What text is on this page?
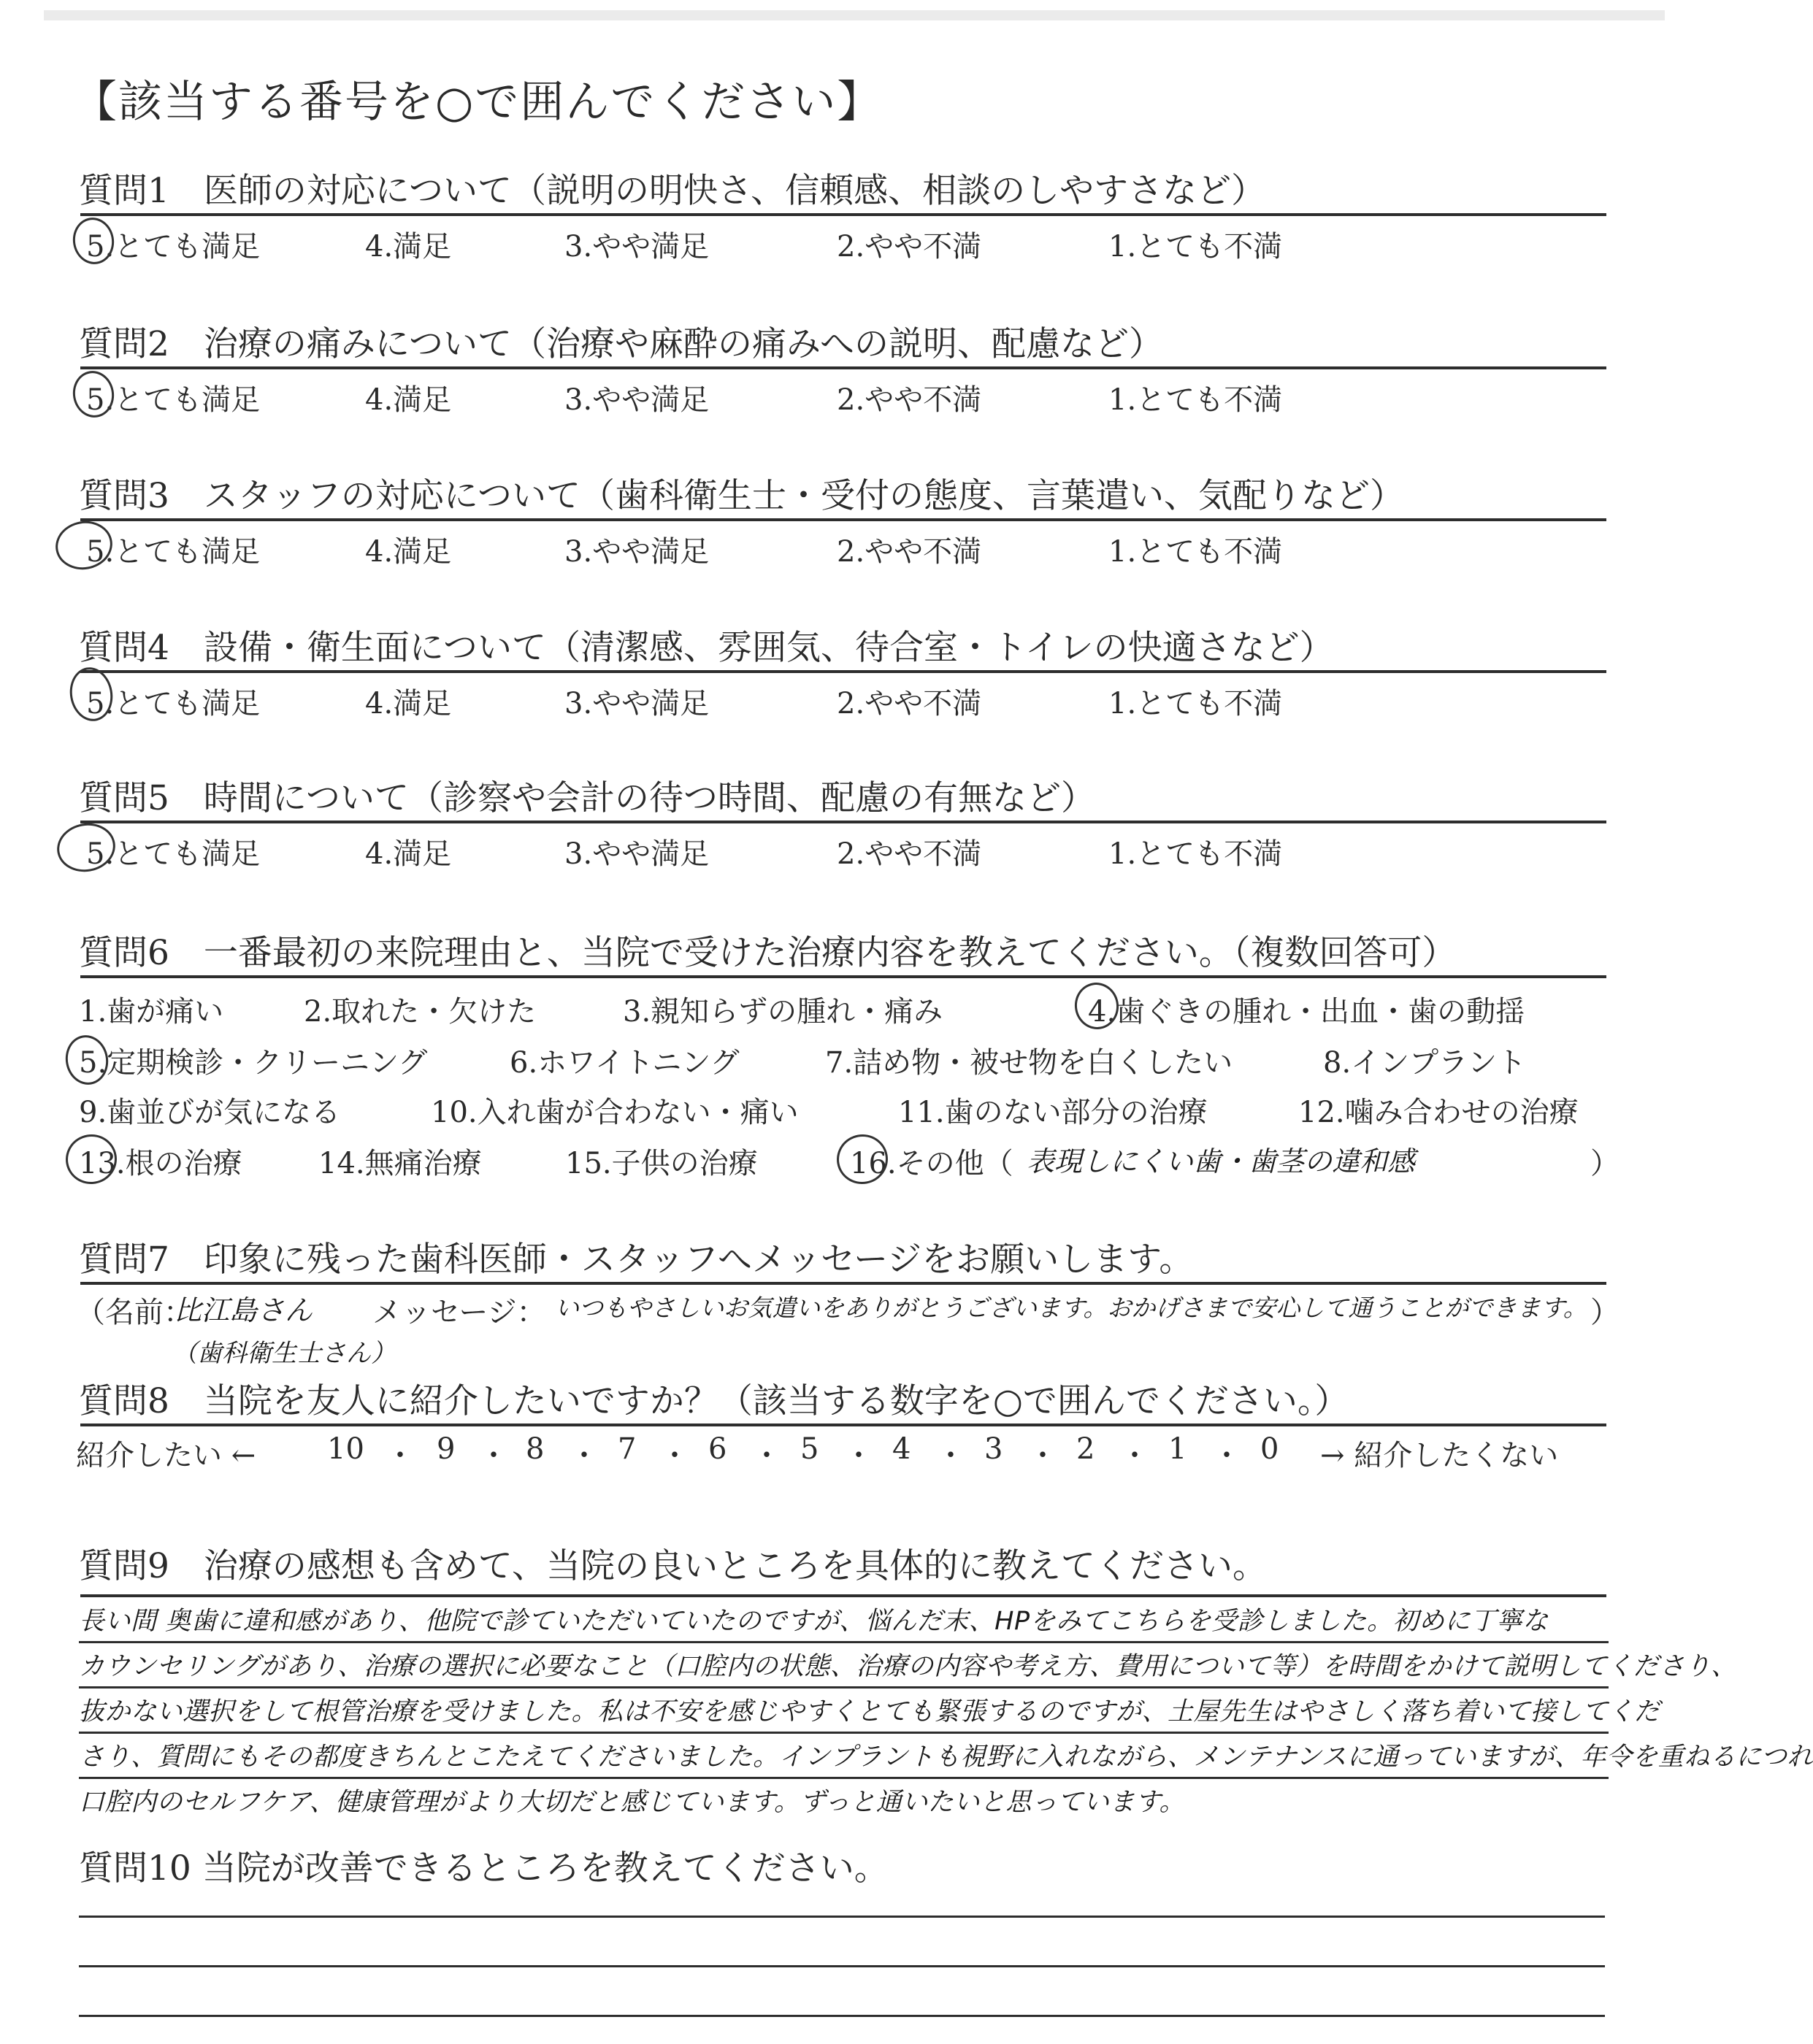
【該当する番号を○で囲んでください】
質問1　医師の対応について（説明の明快さ、信頼感、相談のしやすさなど）
5.とても満足	4.満足	3.やや満足	2.やや不満	1.とても不満
質問2　治療の痛みについて（治療や麻酔の痛みへの説明、配慮など）
5.とても満足	4.満足	3.やや満足	2.やや不満	1.とても不満
質問3　スタッフの対応について（歯科衛生士・受付の態度、言葉遣い、気配りなど）
5.とても満足	4.満足	3.やや満足	2.やや不満	1.とても不満
質問4　設備・衛生面について（清潔感、雰囲気、待合室・トイレの快適さなど）
5.とても満足	4.満足	3.やや満足	2.やや不満	1.とても不満
質問5　時間について（診察や会計の待つ時間、配慮の有無など）
5.とても満足	4.満足	3.やや満足	2.やや不満	1.とても不満
質問6　一番最初の来院理由と、当院で受けた治療内容を教えてください。（複数回答可）
1.歯が痛い	2.取れた・欠けた	3.親知らずの腫れ・痛み	4.歯ぐきの腫れ・出血・歯の動揺
5.定期検診・クリーニング	6.ホワイトニング	7.詰め物・被せ物を白くしたい	8.インプラント
9.歯並びが気になる	10.入れ歯が合わない・痛い	11.歯のない部分の治療	12.噛み合わせの治療
13.根の治療	14.無痛治療	15.子供の治療	16.その他（ 表現しにくい歯・歯茎の違和感	）
質問7　印象に残った歯科医師・スタッフへメッセージをお願いします。
（名前：
比江島さん
（歯科衛生士さん）
メッセージ： いつもやさしいお気遣いをありがとうございます。おかげさまで安心して通うことができます。 ）
質問8　当院を友人に紹介したいですか？（該当する数字を○で囲んでください。）
紹介したい ← 10 ・ 9 ・ 8 ・ 7 ・ 6 ・ 5 ・ 4 ・ 3 ・ 2 ・ 1 ・ 0 → 紹介したくない
質問9　治療の感想も含めて、当院の良いところを具体的に教えてください。
長い間 奥歯に違和感があり、他院で診ていただいていたのですが、悩んだ末、HPをみてこちらを受診しました。初めに丁寧な
カウンセリングがあり、治療の選択に必要なこと（口腔内の状態、治療の内容や考え方、費用について等）を時間をかけて説明してくださり、
抜かない選択をして根管治療を受けました。私は不安を感じやすくとても緊張するのですが、土屋先生はやさしく落ち着いて接してくだ
さり、質問にもその都度きちんとこたえてくださいました。インプラントも視野に入れながら、メンテナンスに通っていますが、年令を重ねるにつれ
口腔内のセルフケア、健康管理がより大切だと感じています。ずっと通いたいと思っています。
質問10 当院が改善できるところを教えてください。
